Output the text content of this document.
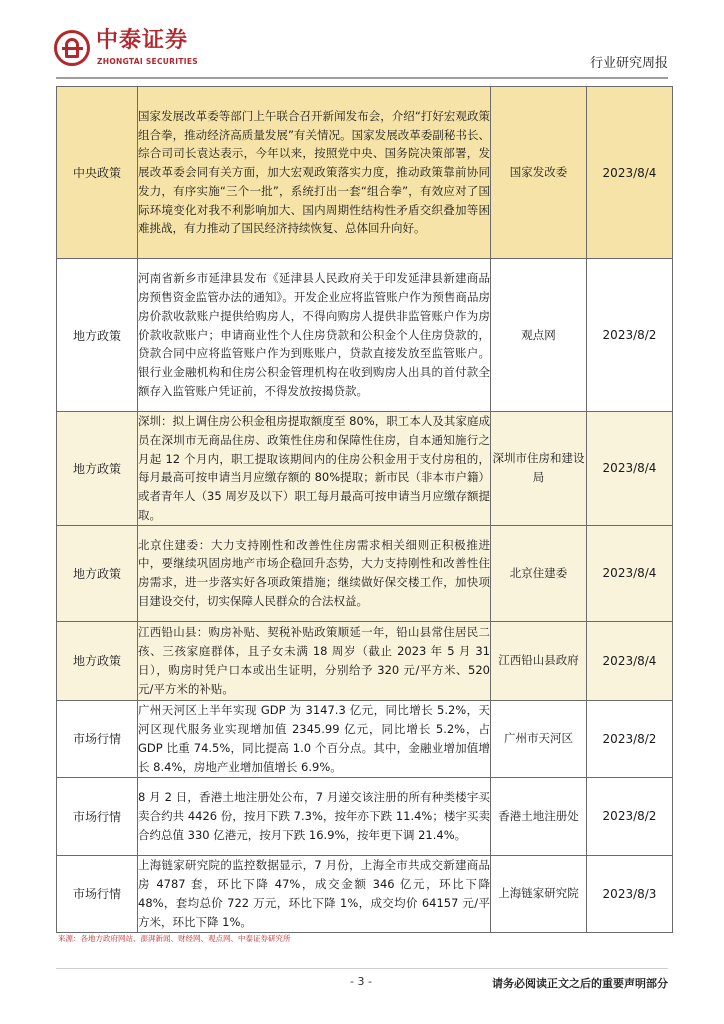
中泰证券
ZHONGTAI SECURITIES	行业研究周报
中央政策	国家发展改革委等部门上午联合召开新闻发布会，介绍“打好宏观政策组合拳，推动经济高质量发展”有关情况。国家发展改革委副秘书长、综合司司长袁达表示，今年以来，按照党中央、国务院决策部署，发展改革委会同有关方面，加大宏观政策落实力度，推动政策靠前协同发力，有序实施“三个一批”，系统打出一套“组合拳”，有效应对了国际环境变化对我不利影响加大、国内周期性结构性矛盾交织叠加等困难挑战，有力推动了国民经济持续恢复、总体回升向好。	国家发改委	2023/8/4
地方政策	河南省新乡市延津县发布《延津县人民政府关于印发延津县新建商品房预售资金监管办法的通知》。开发企业应将监管账户作为预售商品房房价款收款账户提供给购房人，不得向购房人提供非监管账户作为房价款收款账户；申请商业性个人住房贷款和公积金个人住房贷款的，贷款合同中应将监管账户作为到账账户，贷款直接发放至监管账户。银行业金融机构和住房公积金管理机构在收到购房人出具的首付款全额存入监管账户凭证前，不得发放按揭贷款。	观点网	2023/8/2
地方政策	深圳：拟上调住房公积金租房提取额度至 80%，职工本人及其家庭成员在深圳市无商品住房、政策性住房和保障性住房，自本通知施行之月起 12 个月内，职工提取该期间内的住房公积金用于支付房租的，每月最高可按申请当月应缴存额的 80%提取；新市民（非本市户籍）或者青年人（35 周岁及以下）职工每月最高可按申请当月应缴存额提取。	深圳市住房和建设局	2023/8/4
地方政策	北京住建委：大力支持刚性和改善性住房需求相关细则正积极推进中，要继续巩固房地产市场企稳回升态势，大力支持刚性和改善性住房需求，进一步落实好各项政策措施；继续做好保交楼工作，加快项目建设交付，切实保障人民群众的合法权益。	北京住建委	2023/8/4
地方政策	江西铅山县：购房补贴、契税补贴政策顺延一年，铅山县常住居民二孩、三孩家庭群体，且子女未满 18 周岁（截止 2023 年 5 月 31 日），购房时凭户口本或出生证明，分别给予 320 元/平方米、520 元/平方米的补贴。	江西铅山县政府	2023/8/4
市场行情	广州天河区上半年实现 GDP 为 3147.3 亿元，同比增长 5.2%，天河区现代服务业实现增加值 2345.99 亿元，同比增长 5.2%，占 GDP 比重 74.5%，同比提高 1.0 个百分点。其中，金融业增加值增长 8.4%，房地产业增加值增长 6.9%。	广州市天河区	2023/8/2
市场行情	8 月 2 日，香港土地注册处公布，7 月递交该注册的所有种类楼宇买卖合约共 4426 份，按月下跌 7.3%，按年亦下跌 11.4%；楼宇买卖合约总值 330 亿港元，按月下跌 16.9%，按年更下调 21.4%。	香港土地注册处	2023/8/2
市场行情	上海链家研究院的监控数据显示，7 月份，上海全市共成交新建商品房 4787 套，环比下降 47%，成交金额 346 亿元，环比下降 48%，套均总价 722 万元，环比下降 1%，成交均价 64157 元/平方米，环比下降 1%。	上海链家研究院	2023/8/3
来源：各地方政府网站、澎湃新闻、财经网、观点网、中泰证券研究所
- 3 -	请务必阅读正文之后的重要声明部分
